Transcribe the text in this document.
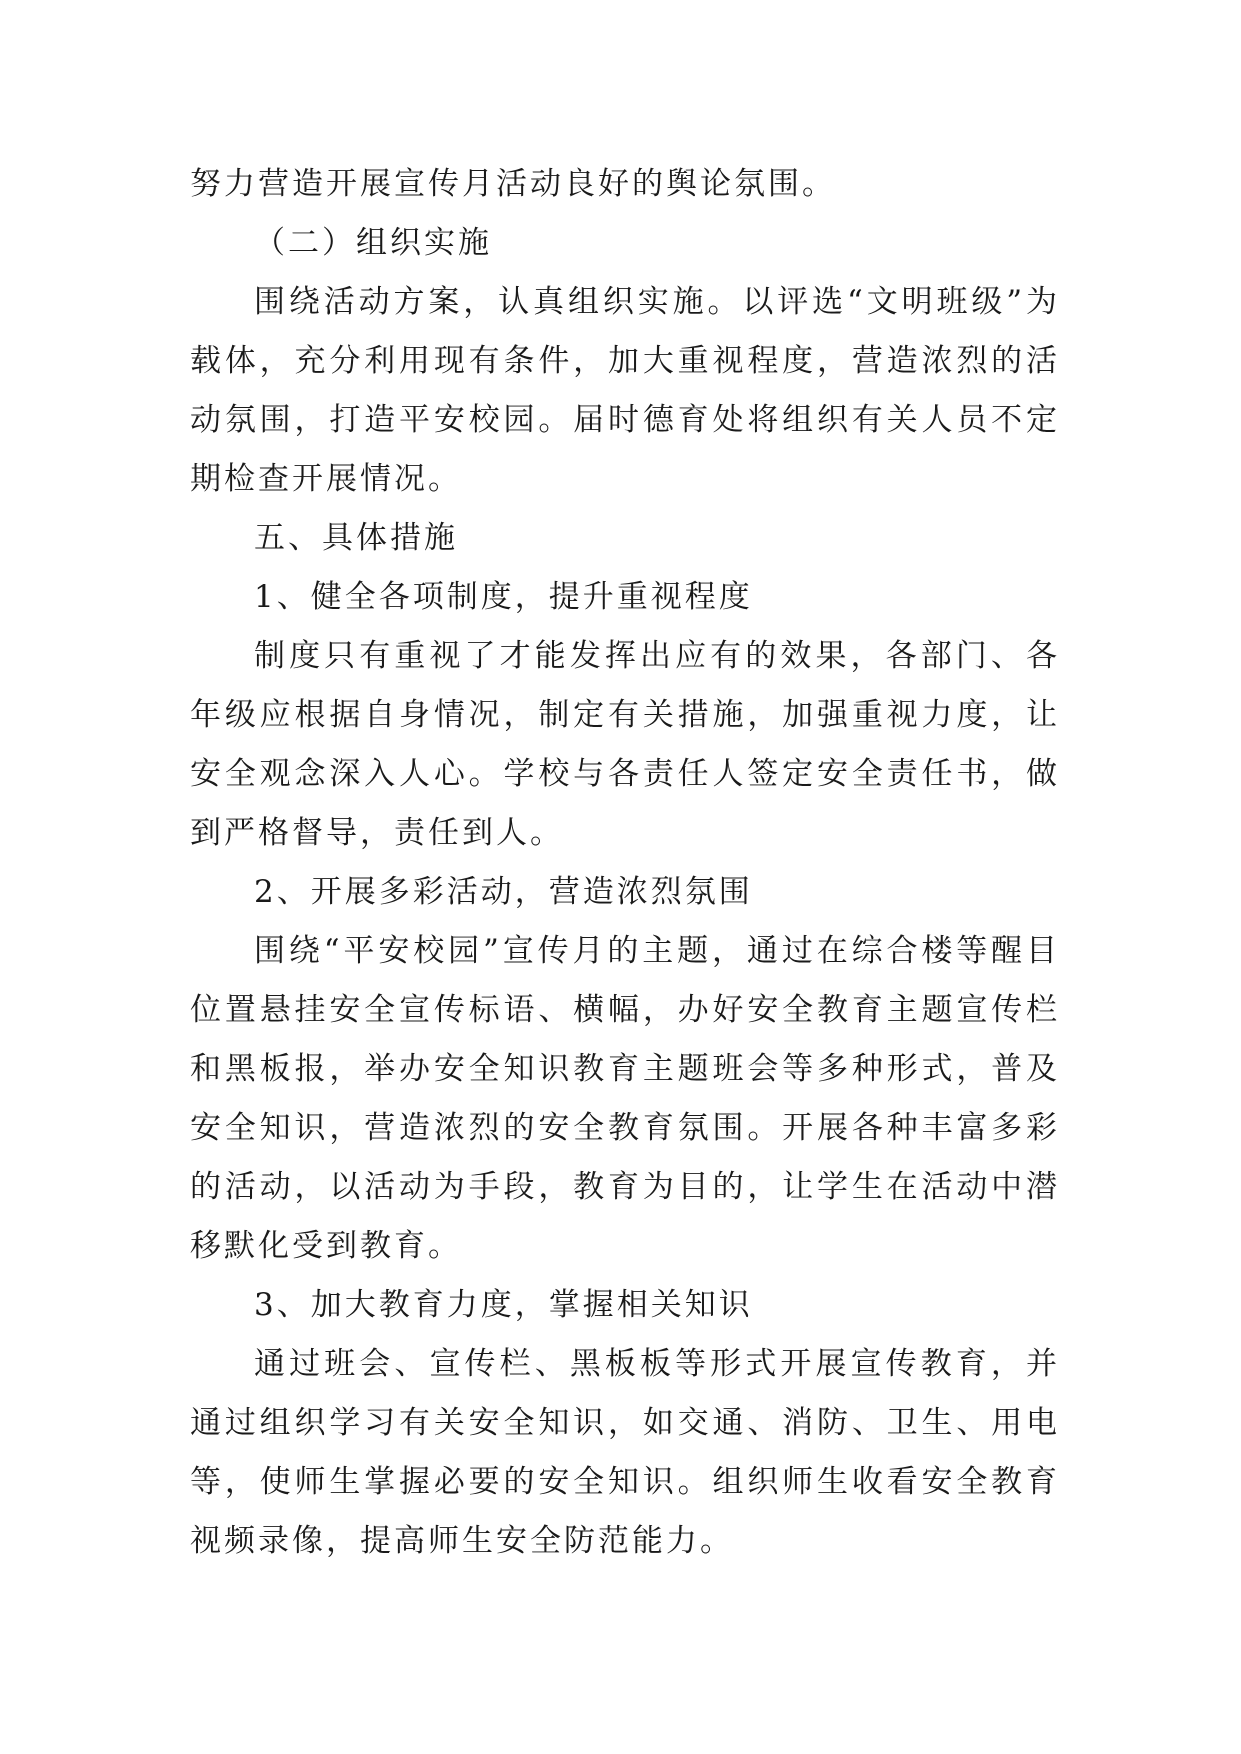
努力营造开展宣传月活动良好的舆论氛围。

（二）组织实施

围绕活动方案，认真组织实施。以评选“文明班级”为载体，充分利用现有条件，加大重视程度，营造浓烈的活动氛围，打造平安校园。届时德育处将组织有关人员不定期检查开展情况。

五、具体措施

1、健全各项制度，提升重视程度

制度只有重视了才能发挥出应有的效果，各部门、各年级应根据自身情况，制定有关措施，加强重视力度，让安全观念深入人心。学校与各责任人签定安全责任书，做到严格督导，责任到人。

2、开展多彩活动，营造浓烈氛围

围绕“平安校园”宣传月的主题，通过在综合楼等醒目位置悬挂安全宣传标语、横幅，办好安全教育主题宣传栏和黑板报，举办安全知识教育主题班会等多种形式，普及安全知识，营造浓烈的安全教育氛围。开展各种丰富多彩的活动，以活动为手段，教育为目的，让学生在活动中潜移默化受到教育。

3、加大教育力度，掌握相关知识

通过班会、宣传栏、黑板板等形式开展宣传教育，并通过组织学习有关安全知识，如交通、消防、卫生、用电等，使师生掌握必要的安全知识。组织师生收看安全教育视频录像，提高师生安全防范能力。
